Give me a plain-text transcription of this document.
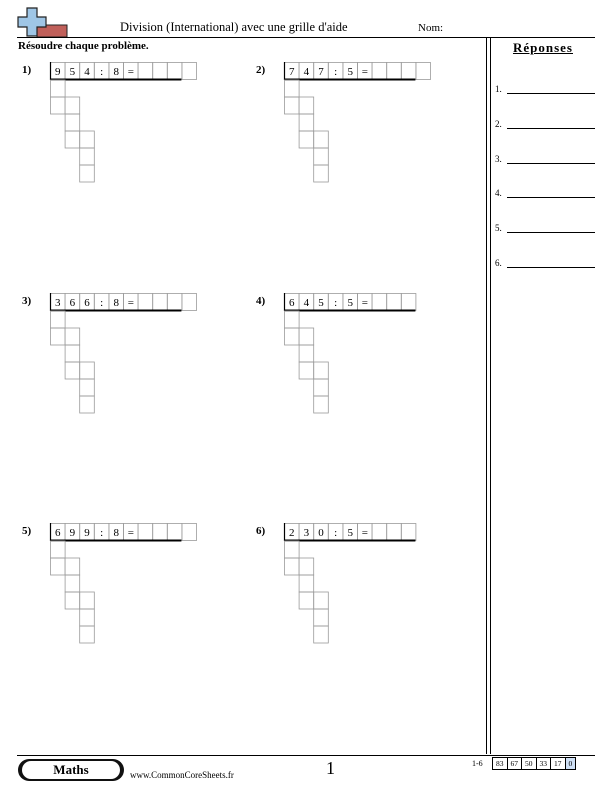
Division (International) avec une grille d'aide	Nom:
Résoudre chaque problème.	Réponses
1.
2.
3.
4.
5.
6.
1) 9 5 4 : 8 =	2) 7 4 7 : 5 =
3) 3 6 6 : 8 =	4) 6 4 5 : 5 =
5) 6 9 9 : 8 =	6) 2 3 0 : 5 =
Maths	www.CommonCoreSheets.fr	1	1-6	83 67 50 33 17 0
